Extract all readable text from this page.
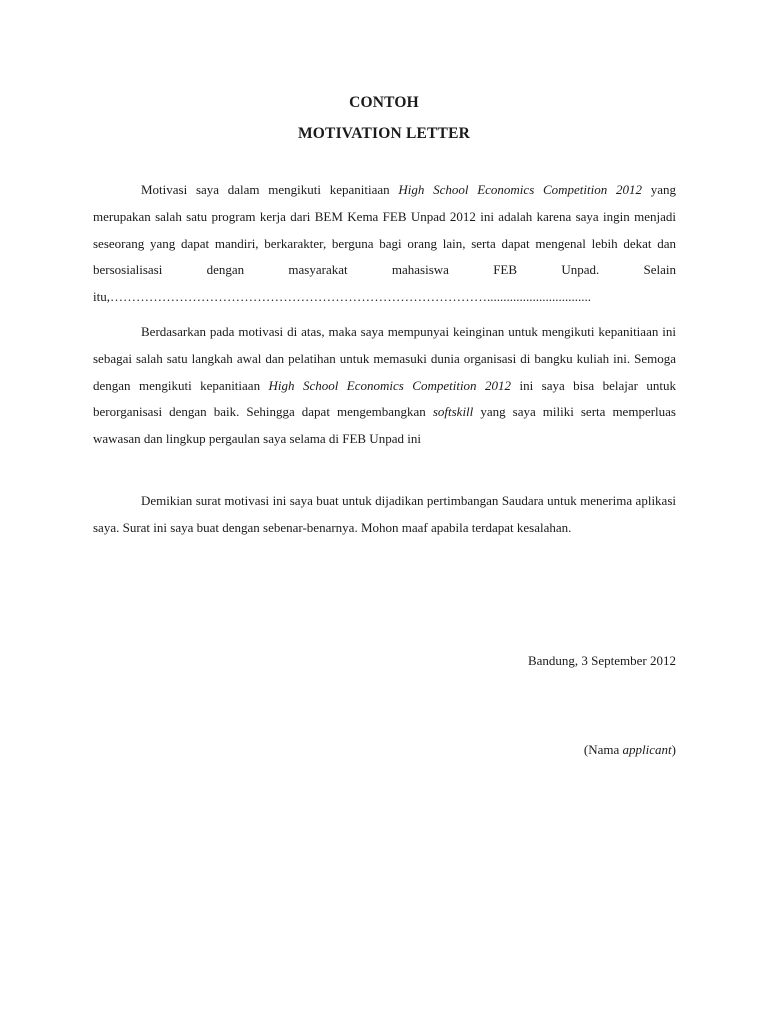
CONTOH
MOTIVATION LETTER

Motivasi saya dalam mengikuti kepanitiaan High School Economics Competition 2012 yang merupakan salah satu program kerja dari BEM Kema FEB Unpad 2012 ini adalah karena saya ingin menjadi seseorang yang dapat mandiri, berkarakter, berguna bagi orang lain, serta dapat mengenal lebih dekat dan bersosialisasi dengan masyarakat mahasiswa FEB Unpad. Selain itu,……………………………………………………………………………................................

Berdasarkan pada motivasi di atas, maka saya mempunyai keinginan untuk mengikuti kepanitiaan ini sebagai salah satu langkah awal dan pelatihan untuk memasuki dunia organisasi di bangku kuliah ini. Semoga dengan mengikuti kepanitiaan High School Economics Competition 2012 ini saya bisa belajar untuk berorganisasi dengan baik. Sehingga dapat mengembangkan softskill yang saya miliki serta memperluas wawasan dan lingkup pergaulan saya selama di FEB Unpad ini

Demikian surat motivasi ini saya buat untuk dijadikan pertimbangan Saudara untuk menerima aplikasi saya. Surat ini saya buat dengan sebenar-benarnya. Mohon maaf apabila terdapat kesalahan.

Bandung, 3 September 2012
(Nama applicant)
